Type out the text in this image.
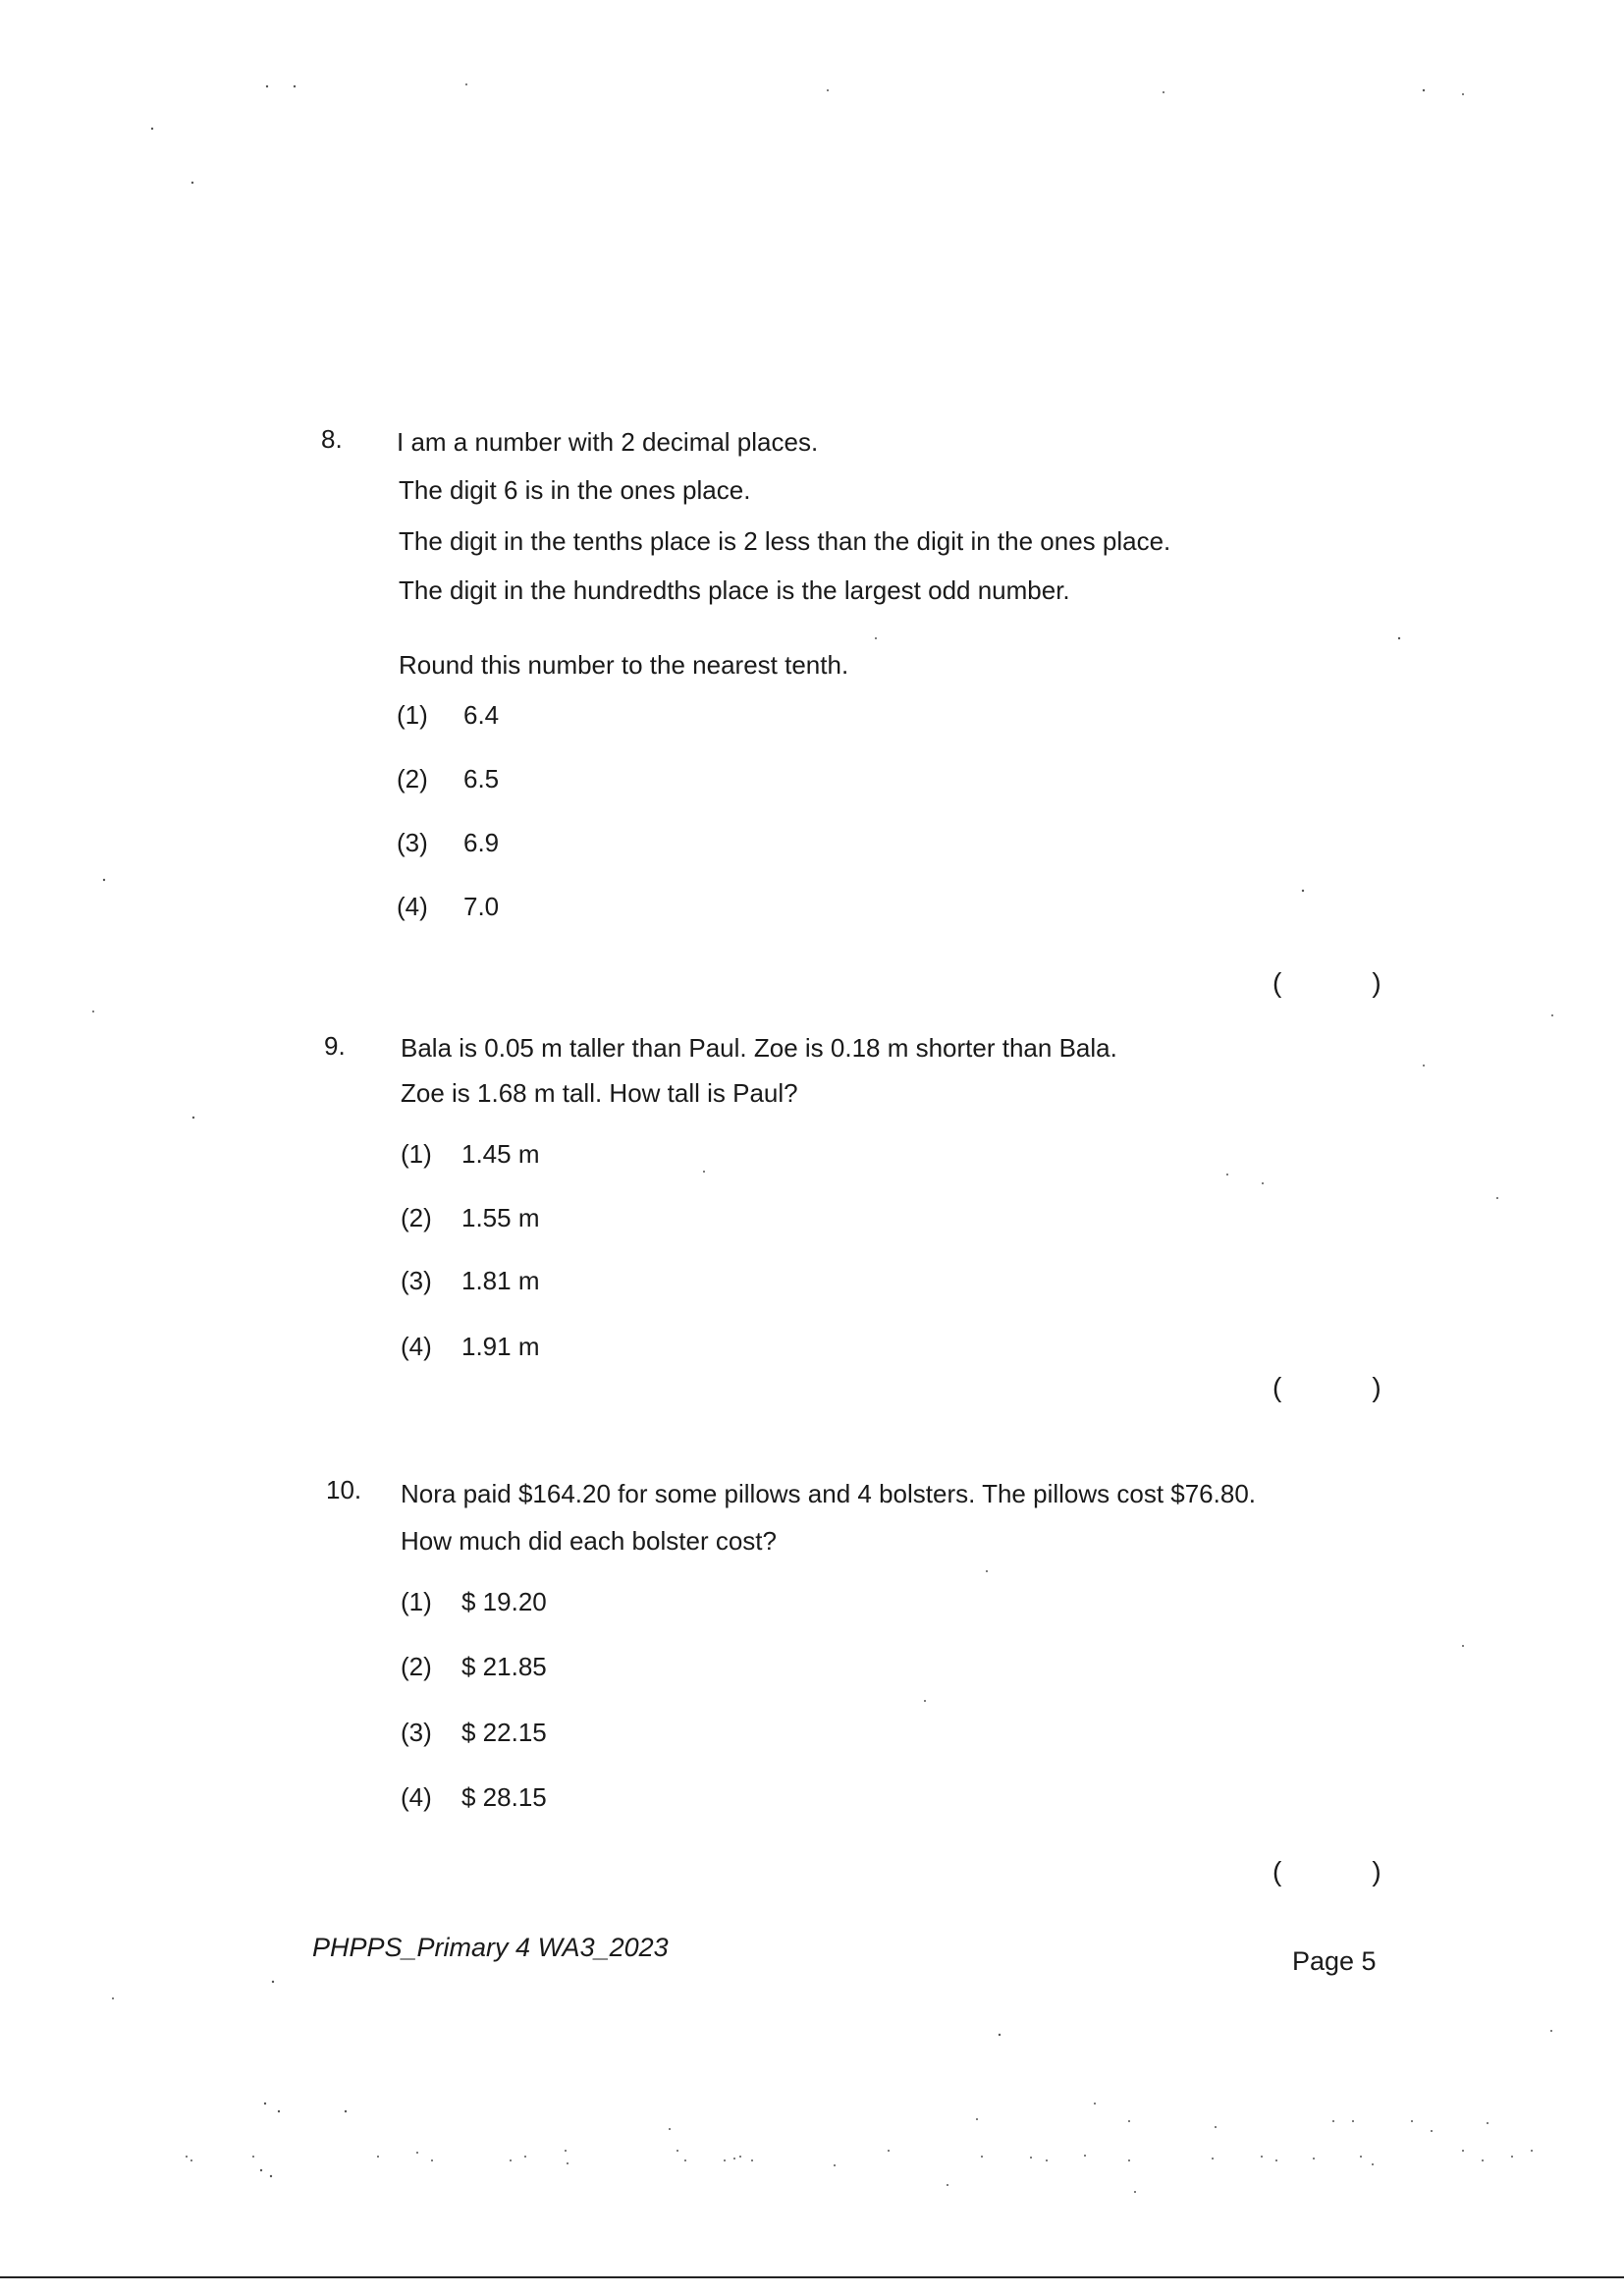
8. I am a number with 2 decimal places.
The digit 6 is in the ones place.
The digit in the tenths place is 2 less than the digit in the ones place.
The digit in the hundredths place is the largest odd number.
Round this number to the nearest tenth.
(1) 6.4
(2) 6.5
(3) 6.9
(4) 7.0
(	)
9. Bala is 0.05 m taller than Paul. Zoe is 0.18 m shorter than Bala.
Zoe is 1.68 m tall. How tall is Paul?
(1) 1.45 m
(2) 1.55 m
(3) 1.81 m
(4) 1.91 m
(	)
10. Nora paid $164.20 for some pillows and 4 bolsters. The pillows cost $76.80.
How much did each bolster cost?
(1) $ 19.20
(2) $ 21.85
(3) $ 22.15
(4) $ 28.15
(	)
PHPPS_Primary 4 WA3_2023	Page 5
